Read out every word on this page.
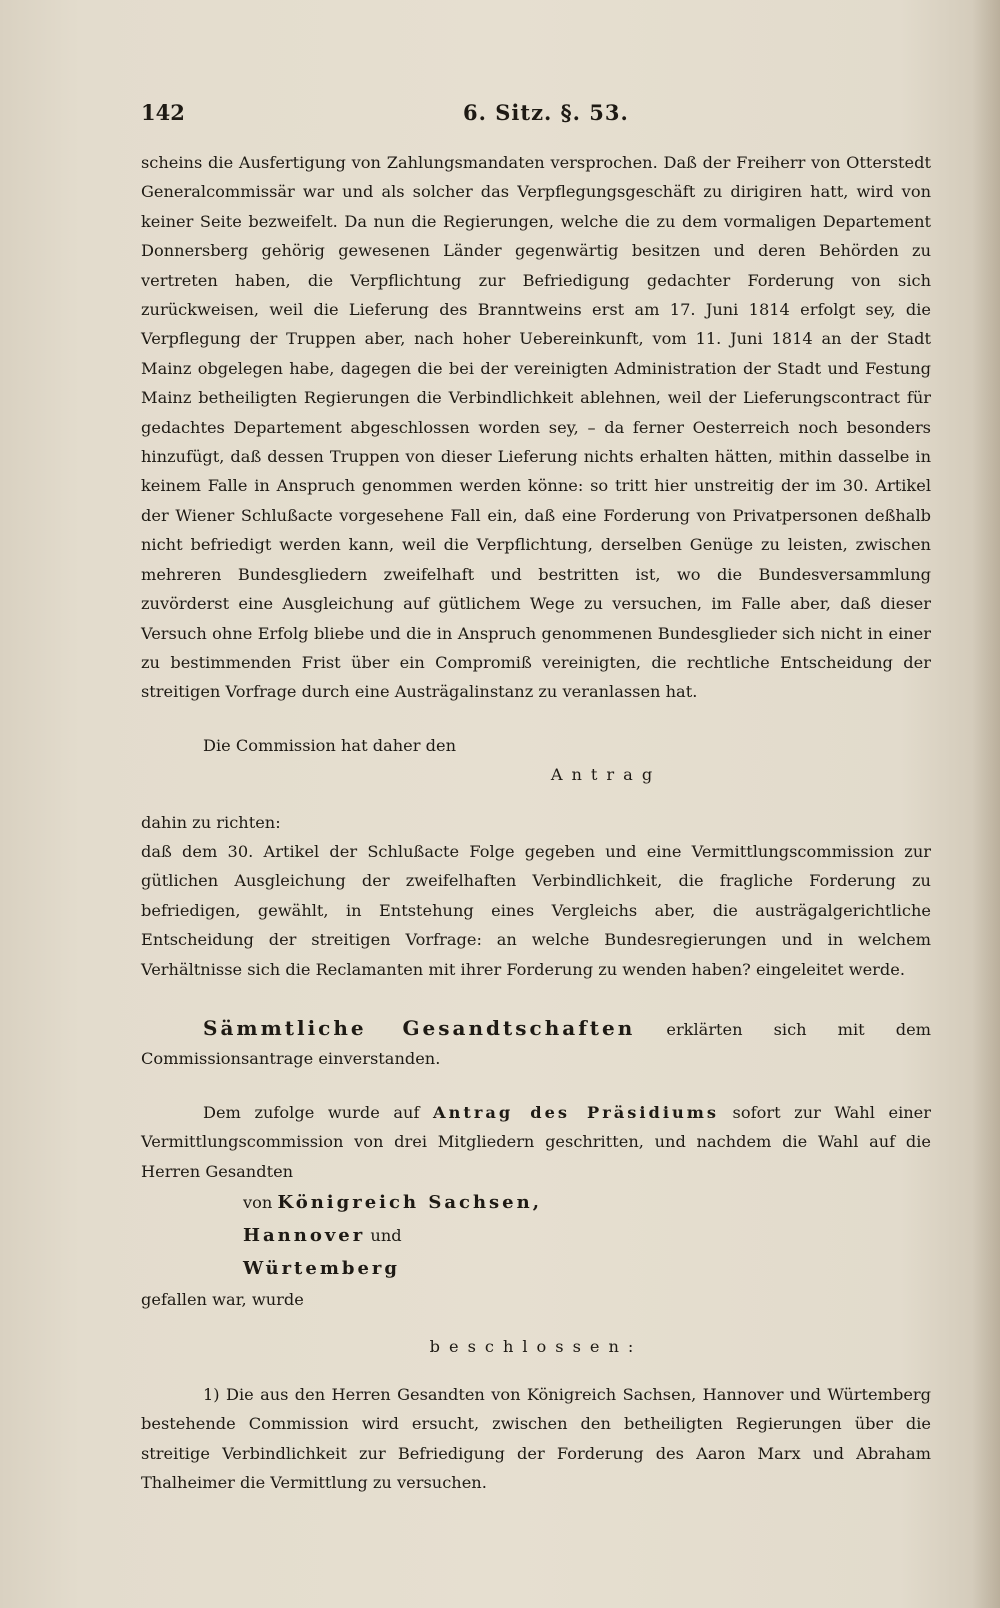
142	6. Sitz. §. 53.

scheins die Ausfertigung von Zahlungsmandaten versprochen. Daß der Freiherr von Otterstedt Generalcommissär war und als solcher das Verpflegungsgeschäft zu dirigiren hatt, wird von keiner Seite bezweifelt. Da nun die Regierungen, welche die zu dem vormaligen Departement Donnersberg gehörig gewesenen Länder gegenwärtig besitzen und deren Behörden zu vertreten haben, die Verpflichtung zur Befriedigung gedachter Forderung von sich zurückweisen, weil die Lieferung des Branntweins erst am 17. Juni 1814 erfolgt sey, die Verpflegung der Truppen aber, nach hoher Uebereinkunft, vom 11. Juni 1814 an der Stadt Mainz obgelegen habe, dagegen die bei der vereinigten Administration der Stadt und Festung Mainz betheiligten Regierungen die Verbindlichkeit ablehnen, weil der Lieferungscontract für gedachtes Departement abgeschlossen worden sey, – da ferner Oesterreich noch besonders hinzufügt, daß dessen Truppen von dieser Lieferung nichts erhalten hätten, mithin dasselbe in keinem Falle in Anspruch genommen werden könne: so tritt hier unstreitig der im 30. Artikel der Wiener Schlußacte vorgesehene Fall ein, daß eine Forderung von Privatpersonen deßhalb nicht befriedigt werden kann, weil die Verpflichtung, derselben Genüge zu leisten, zwischen mehreren Bundesgliedern zweifelhaft und bestritten ist, wo die Bundesversammlung zuvörderst eine Ausgleichung auf gütlichem Wege zu versuchen, im Falle aber, daß dieser Versuch ohne Erfolg bliebe und die in Anspruch genommenen Bundesglieder sich nicht in einer zu bestimmenden Frist über ein Compromiß vereinigten, die rechtliche Entscheidung der streitigen Vorfrage durch eine Austrägalinstanz zu veranlassen hat.

Die Commission hat daher den

Antrag

dahin zu richten:

daß dem 30. Artikel der Schlußacte Folge gegeben und eine Vermittlungscommission zur gütlichen Ausgleichung der zweifelhaften Verbindlichkeit, die fragliche Forderung zu befriedigen, gewählt, in Entstehung eines Vergleichs aber, die austrägalgerichtliche Entscheidung der streitigen Vorfrage: an welche Bundesregierungen und in welchem Verhältnisse sich die Reclamanten mit ihrer Forderung zu wenden haben? eingeleitet werde.

Sämmtliche Gesandtschaften erklärten sich mit dem Commissionsantrage einverstanden.

Dem zufolge wurde auf Antrag des Präsidiums sofort zur Wahl einer Vermittlungscommission von drei Mitgliedern geschritten, und nachdem die Wahl auf die Herren Gesandten

von Königreich Sachsen,
Hannover und
Würtemberg

gefallen war, wurde

beschlossen:

1) Die aus den Herren Gesandten von Königreich Sachsen, Hannover und Würtemberg bestehende Commission wird ersucht, zwischen den betheiligten Regierungen über die streitige Verbindlichkeit zur Befriedigung der Forderung des Aaron Marx und Abraham Thalheimer die Vermittlung zu versuchen.
